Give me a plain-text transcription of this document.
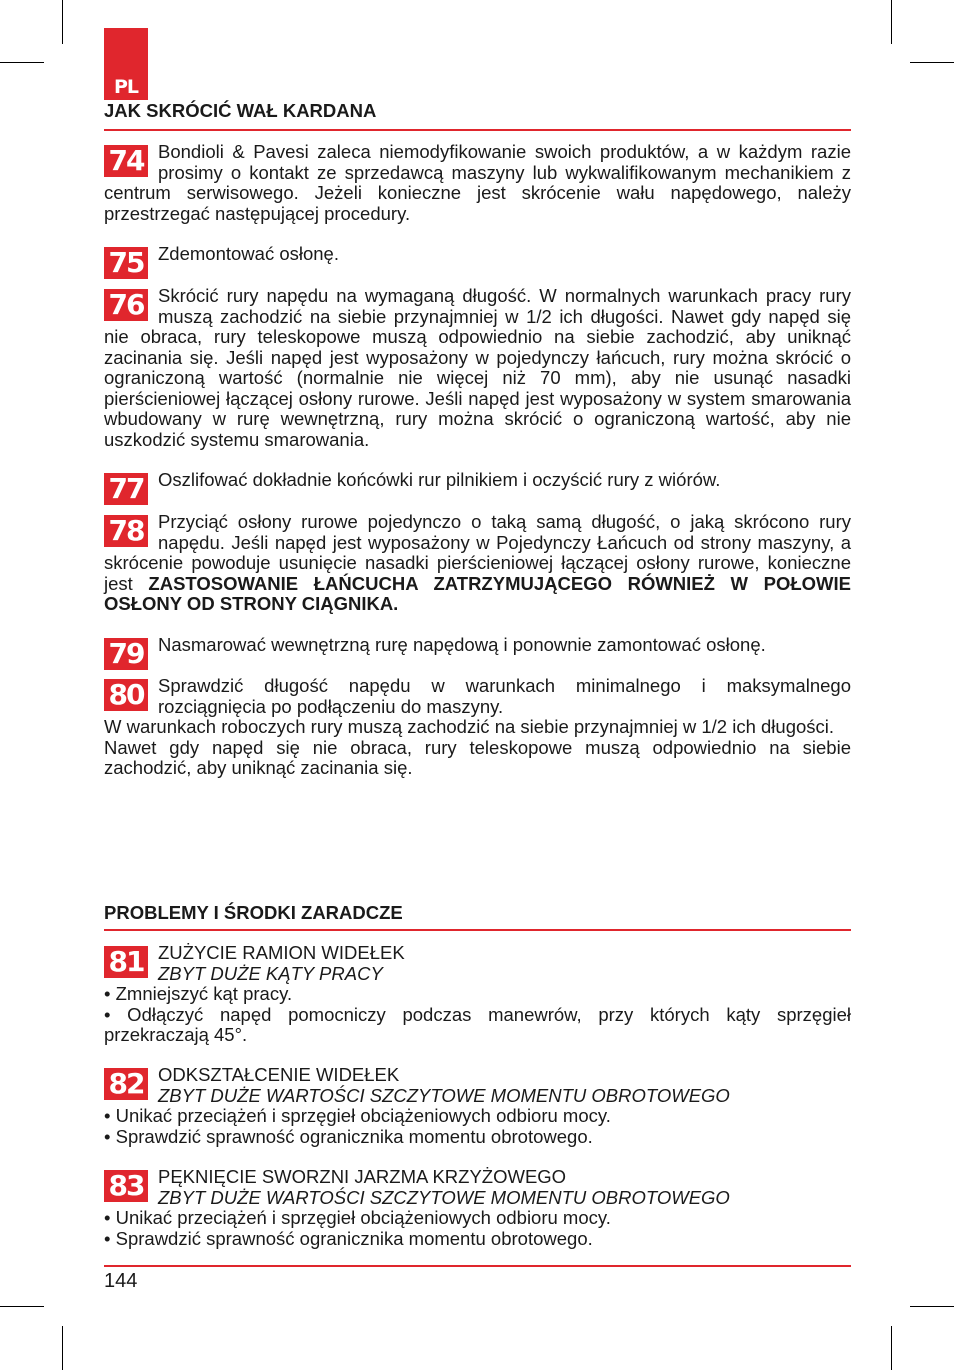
PL
JAK SKRÓCIĆ WAŁ KARDANA
74 Bondioli & Pavesi zaleca niemodyfikowanie swoich produktów, a w każdym razie prosimy o kontakt ze sprzedawcą maszyny lub wykwalifikowanym mechanikiem z centrum serwisowego. Jeżeli konieczne jest skrócenie wału napędowego, należy przestrzegać następującej procedury.

75 Zdemontować osłonę.

76 Skrócić rury napędu na wymaganą długość. W normalnych warunkach pracy rury muszą zachodzić na siebie przynajmniej w 1/2 ich długości. Nawet gdy napęd się nie obraca, rury teleskopowe muszą odpowiednio na siebie zachodzić, aby uniknąć zacinania się. Jeśli napęd jest wyposażony w pojedynczy łańcuch, rury można skrócić o ograniczoną wartość (normalnie nie więcej niż 70 mm), aby nie usunąć nasadki pierścieniowej łączącej osłony rurowe. Jeśli napęd jest wyposażony w system smarowania wbudowany w rurę wewnętrzną, rury można skrócić o ograniczoną wartość, aby nie uszkodzić systemu smarowania.

77 Oszlifować dokładnie końcówki rur pilnikiem i oczyścić rury z wiórów.

78 Przyciąć osłony rurowe pojedynczo o taką samą długość, o jaką skrócono rury napędu. Jeśli napęd jest wyposażony w Pojedynczy Łańcuch od strony maszyny, a skrócenie powoduje usunięcie nasadki pierścieniowej łączącej osłony rurowe, konieczne jest ZASTOSOWANIE ŁAŃCUCHA ZATRZYMUJĄCEGO RÓWNIEŻ W POŁOWIE OSŁONY OD STRONY CIĄGNIKA.

79 Nasmarować wewnętrzną rurę napędową i ponownie zamontować osłonę.

80 Sprawdzić długość napędu w warunkach minimalnego i maksymalnego rozciągnięcia po podłączeniu do maszyny.

W warunkach roboczych rury muszą zachodzić na siebie przynajmniej w 1/2 ich długości.

Nawet gdy napęd się nie obraca, rury teleskopowe muszą odpowiednio na siebie zachodzić, aby uniknąć zacinania się.

PROBLEMY I ŚRODKI ZARADCZE
81 ZUŻYCIE RAMION WIDEŁEK

ZBYT DUŻE KĄTY PRACY

• Zmniejszyć kąt pracy.

• Odłączyć napęd pomocniczy podczas manewrów, przy których kąty sprzęgieł przekraczają 45°.

82 ODKSZTAŁCENIE WIDEŁEK

ZBYT DUŻE WARTOŚCI SZCZYTOWE MOMENTU OBROTOWEGO

• Unikać przeciążeń i sprzęgieł obciążeniowych odbioru mocy.

• Sprawdzić sprawność ogranicznika momentu obrotowego.

83 PĘKNIĘCIE SWORZNI JARZMA KRZYŻOWEGO

ZBYT DUŻE WARTOŚCI SZCZYTOWE MOMENTU OBROTOWEGO

• Unikać przeciążeń i sprzęgieł obciążeniowych odbioru mocy.

• Sprawdzić sprawność ogranicznika momentu obrotowego.

144
